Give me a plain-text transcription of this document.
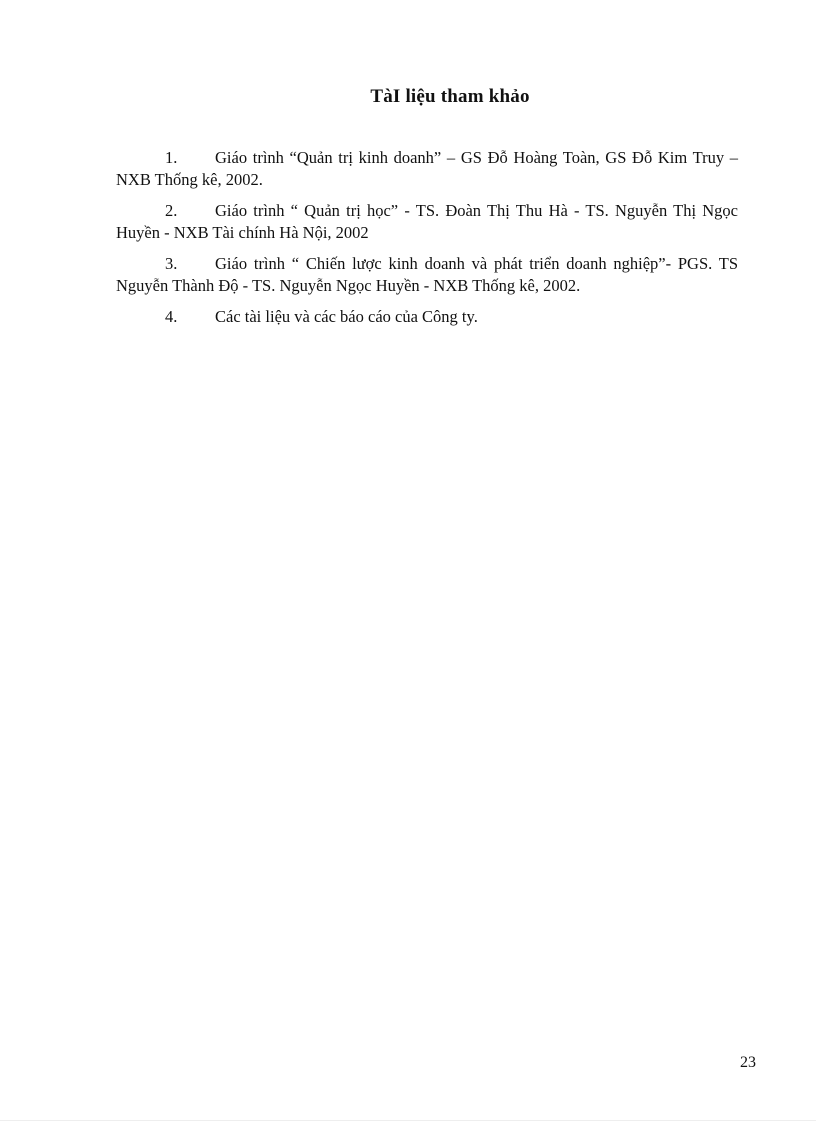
TàI liệu tham khảo
1. Giáo trình “Quản trị kinh doanh” – GS Đỗ Hoàng Toàn, GS Đỗ Kim Truy – NXB Thống kê, 2002.
2. Giáo trình “ Quản trị học” - TS. Đoàn Thị Thu Hà - TS. Nguyễn Thị Ngọc Huyền - NXB Tài chính Hà Nội, 2002
3. Giáo trình “ Chiến lược kinh doanh và phát triển doanh nghiệp”- PGS. TS Nguyễn Thành Độ - TS. Nguyễn Ngọc Huyền - NXB Thống kê, 2002.
4. Các tài liệu và các báo cáo của Công ty.
23
